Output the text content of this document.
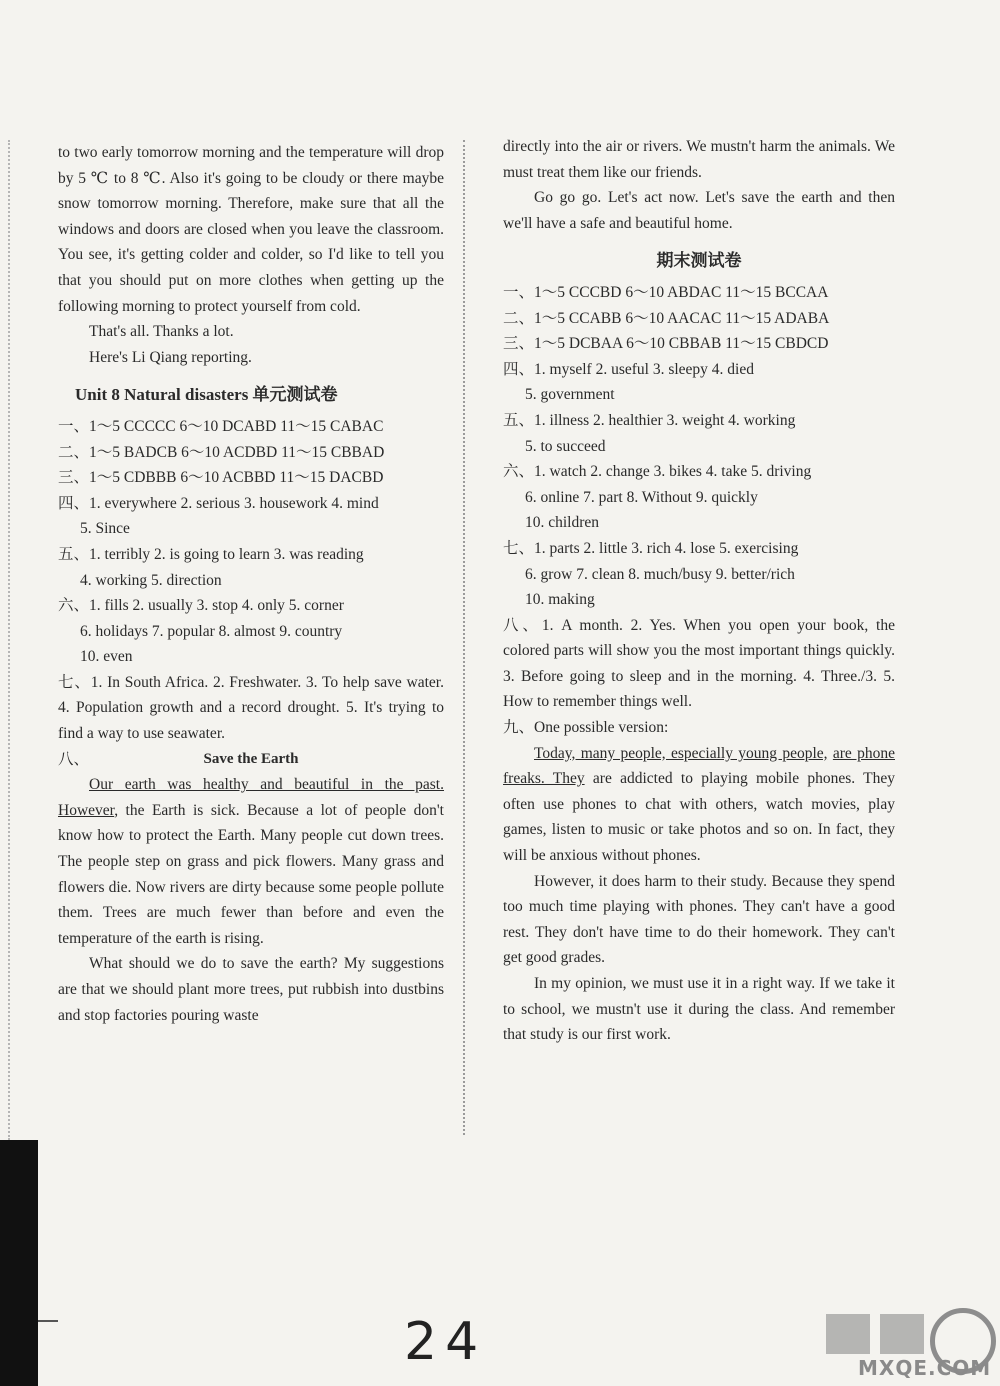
to two early tomorrow morning and the temperature will drop by 5 ℃ to 8 ℃. Also it's going to be cloudy or there maybe snow tomorrow morning. Therefore, make sure that all the windows and doors are closed when you leave the classroom. You see, it's getting colder and colder, so I'd like to tell you that you should put on more clothes when getting up the following morning to protect yourself from cold.

That's all. Thanks a lot.

Here's Li Qiang reporting.

Unit 8 Natural disasters 单元测试卷
一、1～5 CCCCC 6～10 DCABD 11～15 CABAC
二、1～5 BADCB 6～10 ACDBD 11～15 CBBAD
三、1～5 CDBBB 6～10 ACBBD 11～15 DACBD
四、1. everywhere 2. serious 3. housework 4. mind
5. Since
五、1. terribly 2. is going to learn 3. was reading
4. working 5. direction
六、1. fills 2. usually 3. stop 4. only 5. corner
6. holidays 7. popular 8. almost 9. country
10. even

七、1. In South Africa. 2. Freshwater. 3. To help save water. 4. Population growth and a record drought. 5. It's trying to find a way to use seawater.

八、	Save the Earth

Our earth was healthy and beautiful in the past. However, the Earth is sick. Because a lot of people don't know how to protect the Earth. Many people cut down trees. The people step on grass and pick flowers. Many grass and flowers die. Now rivers are dirty because some people pollute them. Trees are much fewer than before and even the temperature of the earth is rising.

What should we do to save the earth? My suggestions are that we should plant more trees, put rubbish into dustbins and stop factories pouring waste

directly into the air or rivers. We mustn't harm the animals. We must treat them like our friends.

Go go go. Let's act now. Let's save the earth and then we'll have a safe and beautiful home.

期末测试卷
一、1～5 CCCBD 6～10 ABDAC 11～15 BCCAA
二、1～5 CCABB 6～10 AACAC 11～15 ADABA
三、1～5 DCBAA 6～10 CBBAB 11～15 CBDCD
四、1. myself 2. useful 3. sleepy 4. died
5. government
五、1. illness 2. healthier 3. weight 4. working
5. to succeed
六、1. watch 2. change 3. bikes 4. take 5. driving
6. online 7. part 8. Without 9. quickly
10. children
七、1. parts 2. little 3. rich 4. lose 5. exercising
6. grow 7. clean 8. much/busy 9. better/rich
10. making

八、1. A month. 2. Yes. When you open your book, the colored parts will show you the most important things quickly. 3. Before going to sleep and in the morning. 4. Three./3. 5. How to remember things well.

九、One possible version:

Today, many people, especially young people, are phone freaks. They are addicted to playing mobile phones. They often use phones to chat with others, watch movies, play games, listen to music or take photos and so on. In fact, they will be anxious without phones.

However, it does harm to their study. Because they spend too much time playing with phones. They can't have a good rest. They don't have time to do their homework. They can't get good grades.

In my opinion, we must use it in a right way. If we take it to school, we mustn't use it during the class. And remember that study is our first work.

24	MXQE.COM
